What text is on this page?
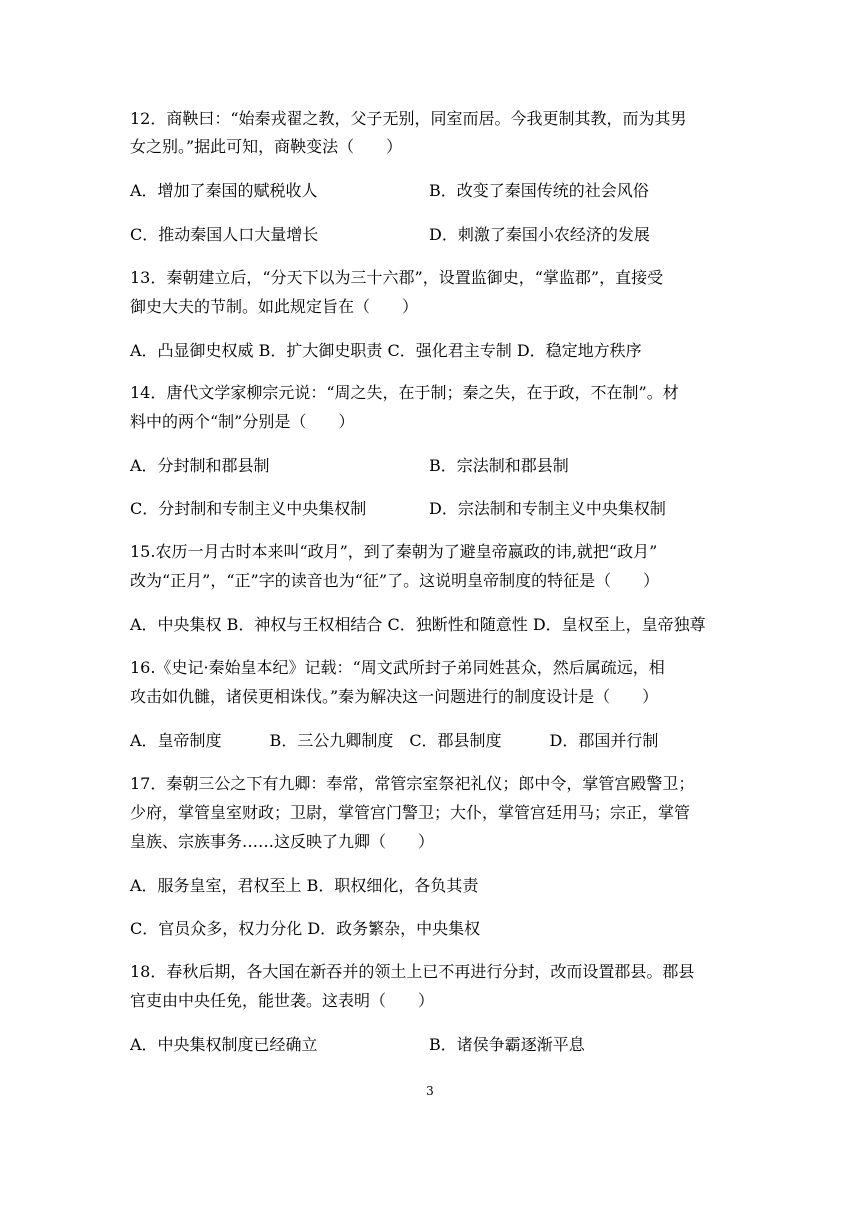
12．商鞅曰：“始秦戎翟之教，父子无别，同室而居。今我更制其教，而为其男
女之别。”据此可知，商鞅变法（　　）
A．增加了秦国的赋税收人	B．改变了秦国传统的社会风俗
C．推动秦国人口大量增长	D．刺激了秦国小农经济的发展
13．秦朝建立后，“分天下以为三十六郡”，设置监御史，“掌监郡”，直接受
御史大夫的节制。如此规定旨在（　　）
A．凸显御史权威 B．扩大御史职责 C．强化君主专制 D．稳定地方秩序
14．唐代文学家柳宗元说：“周之失，在于制；秦之失，在于政，不在制”。材
料中的两个“制”分别是（　　）
A．分封制和郡县制	B．宗法制和郡县制
C．分封制和专制主义中央集权制	D．宗法制和专制主义中央集权制
15.农历一月古时本来叫“政月”，到了秦朝为了避皇帝嬴政的讳,就把“政月”
改为“正月”，“正”字的读音也为“征”了。这说明皇帝制度的特征是（　　）
A．中央集权 B．神权与王权相结合 C．独断性和随意性 D．皇权至上，皇帝独尊
16.《史记·秦始皇本纪》记载：“周文武所封子弟同姓甚众，然后属疏远，相
攻击如仇雠，诸侯更相诛伐。”秦为解决这一问题进行的制度设计是（　　）
A．皇帝制度　　　B．三公九卿制度　C．郡县制度　　　D．郡国并行制
17．秦朝三公之下有九卿：奉常，常管宗室祭祀礼仪；郎中令，掌管宫殿警卫；
少府，掌管皇室财政；卫尉，掌管宫门警卫；大仆，掌管宫廷用马；宗正，掌管
皇族、宗族事务……这反映了九卿（　　）
A．服务皇室，君权至上 B．职权细化，各负其责
C．官员众多，权力分化 D．政务繁杂，中央集权
18．春秋后期，各大国在新吞并的领土上已不再进行分封，改而设置郡县。郡县
官吏由中央任免，能世袭。这表明（　　）
A．中央集权制度已经确立	B．诸侯争霸逐渐平息
3
